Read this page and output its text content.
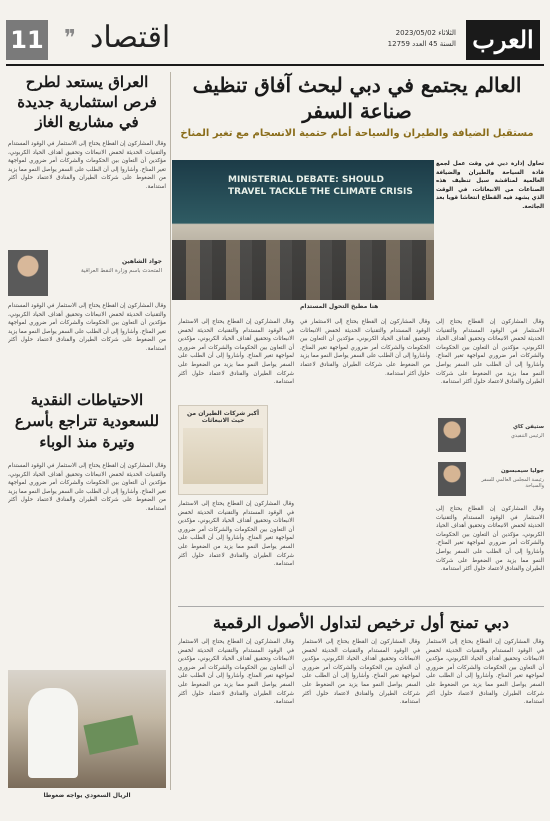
العرب
الثلاثاء 2023/05/02
السنة 45 العدد 12759
❞ اقتصاد
11
العالم يجتمع في دبي لبحث آفاق تنظيف صناعة السفر
مستقبل الضيافة والطيران والسياحة أمام حتمية الانسجام مع تغير المناخ
تحاول إدارة دبي في وقت عمل لجمع قادة السياحة والطيران والضيافة العالمية لمناقشة سبل تنظيف هذه الصناعات من الانبعاثات، في الوقت الذي يشهد فيه القطاع انتعاشا قويا بعد الجائحة.
MINISTERIAL DEBATE: SHOULD TRAVEL TACKLE THE CLIMATE CRISIS
هنا مطبخ التحول المستدام
وقال المشاركون إن القطاع يحتاج إلى الاستثمار في الوقود المستدام والتقنيات الحديثة لخفض الانبعاثات وتحقيق أهداف الحياد الكربوني، مؤكدين أن التعاون بين الحكومات والشركات أمر ضروري لمواجهة تغير المناخ. وأشاروا إلى أن الطلب على السفر يواصل النمو مما يزيد من الضغوط على شركات الطيران والفنادق لاعتماد حلول أكثر استدامة.
وقال المشاركون إن القطاع يحتاج إلى الاستثمار في الوقود المستدام والتقنيات الحديثة لخفض الانبعاثات وتحقيق أهداف الحياد الكربوني، مؤكدين أن التعاون بين الحكومات والشركات أمر ضروري لمواجهة تغير المناخ. وأشاروا إلى أن الطلب على السفر يواصل النمو مما يزيد من الضغوط على شركات الطيران والفنادق لاعتماد حلول أكثر استدامة.
وقال المشاركون إن القطاع يحتاج إلى الاستثمار في الوقود المستدام والتقنيات الحديثة لخفض الانبعاثات وتحقيق أهداف الحياد الكربوني، مؤكدين أن التعاون بين الحكومات والشركات أمر ضروري لمواجهة تغير المناخ. وأشاروا إلى أن الطلب على السفر يواصل النمو مما يزيد من الضغوط على شركات الطيران والفنادق لاعتماد حلول أكثر استدامة.
وقال المشاركون إن القطاع يحتاج إلى الاستثمار في الوقود المستدام والتقنيات الحديثة لخفض الانبعاثات وتحقيق أهداف الحياد الكربوني، مؤكدين أن التعاون بين الحكومات والشركات أمر ضروري لمواجهة تغير المناخ. وأشاروا إلى أن الطلب على السفر يواصل النمو مما يزيد من الضغوط على شركات الطيران والفنادق لاعتماد حلول أكثر استدامة.
وقال المشاركون إن القطاع يحتاج إلى الاستثمار في الوقود المستدام والتقنيات الحديثة لخفض الانبعاثات وتحقيق أهداف الحياد الكربوني، مؤكدين أن التعاون بين الحكومات والشركات أمر ضروري لمواجهة تغير المناخ. وأشاروا إلى أن الطلب على السفر يواصل النمو مما يزيد من الضغوط على شركات الطيران والفنادق لاعتماد حلول أكثر استدامة.
أكبر شركات الطيران من حيث الانبعاثات
ستيفن كاي
الرئيس التنفيذي
جوليا سيمبسون
رئيسة المجلس العالمي للسفر والسياحة
العراق يستعد لطرح فرص استثمارية جديدة في مشاريع الغاز
وقال المشاركون إن القطاع يحتاج إلى الاستثمار في الوقود المستدام والتقنيات الحديثة لخفض الانبعاثات وتحقيق أهداف الحياد الكربوني، مؤكدين أن التعاون بين الحكومات والشركات أمر ضروري لمواجهة تغير المناخ. وأشاروا إلى أن الطلب على السفر يواصل النمو مما يزيد من الضغوط على شركات الطيران والفنادق لاعتماد حلول أكثر استدامة.
جواد الشاهين
المتحدث باسم وزارة النفط العراقية
وقال المشاركون إن القطاع يحتاج إلى الاستثمار في الوقود المستدام والتقنيات الحديثة لخفض الانبعاثات وتحقيق أهداف الحياد الكربوني، مؤكدين أن التعاون بين الحكومات والشركات أمر ضروري لمواجهة تغير المناخ. وأشاروا إلى أن الطلب على السفر يواصل النمو مما يزيد من الضغوط على شركات الطيران والفنادق لاعتماد حلول أكثر استدامة.
الاحتياطات النقدية للسعودية تتراجع بأسرع وتيرة منذ الوباء
وقال المشاركون إن القطاع يحتاج إلى الاستثمار في الوقود المستدام والتقنيات الحديثة لخفض الانبعاثات وتحقيق أهداف الحياد الكربوني، مؤكدين أن التعاون بين الحكومات والشركات أمر ضروري لمواجهة تغير المناخ. وأشاروا إلى أن الطلب على السفر يواصل النمو مما يزيد من الضغوط على شركات الطيران والفنادق لاعتماد حلول أكثر استدامة.
الريال السعودي يواجه ضغوطا
دبي تمنح أول ترخيص لتداول الأصول الرقمية
وقال المشاركون إن القطاع يحتاج إلى الاستثمار في الوقود المستدام والتقنيات الحديثة لخفض الانبعاثات وتحقيق أهداف الحياد الكربوني، مؤكدين أن التعاون بين الحكومات والشركات أمر ضروري لمواجهة تغير المناخ. وأشاروا إلى أن الطلب على السفر يواصل النمو مما يزيد من الضغوط على شركات الطيران والفنادق لاعتماد حلول أكثر استدامة.
وقال المشاركون إن القطاع يحتاج إلى الاستثمار في الوقود المستدام والتقنيات الحديثة لخفض الانبعاثات وتحقيق أهداف الحياد الكربوني، مؤكدين أن التعاون بين الحكومات والشركات أمر ضروري لمواجهة تغير المناخ. وأشاروا إلى أن الطلب على السفر يواصل النمو مما يزيد من الضغوط على شركات الطيران والفنادق لاعتماد حلول أكثر استدامة.
وقال المشاركون إن القطاع يحتاج إلى الاستثمار في الوقود المستدام والتقنيات الحديثة لخفض الانبعاثات وتحقيق أهداف الحياد الكربوني، مؤكدين أن التعاون بين الحكومات والشركات أمر ضروري لمواجهة تغير المناخ. وأشاروا إلى أن الطلب على السفر يواصل النمو مما يزيد من الضغوط على شركات الطيران والفنادق لاعتماد حلول أكثر استدامة.
